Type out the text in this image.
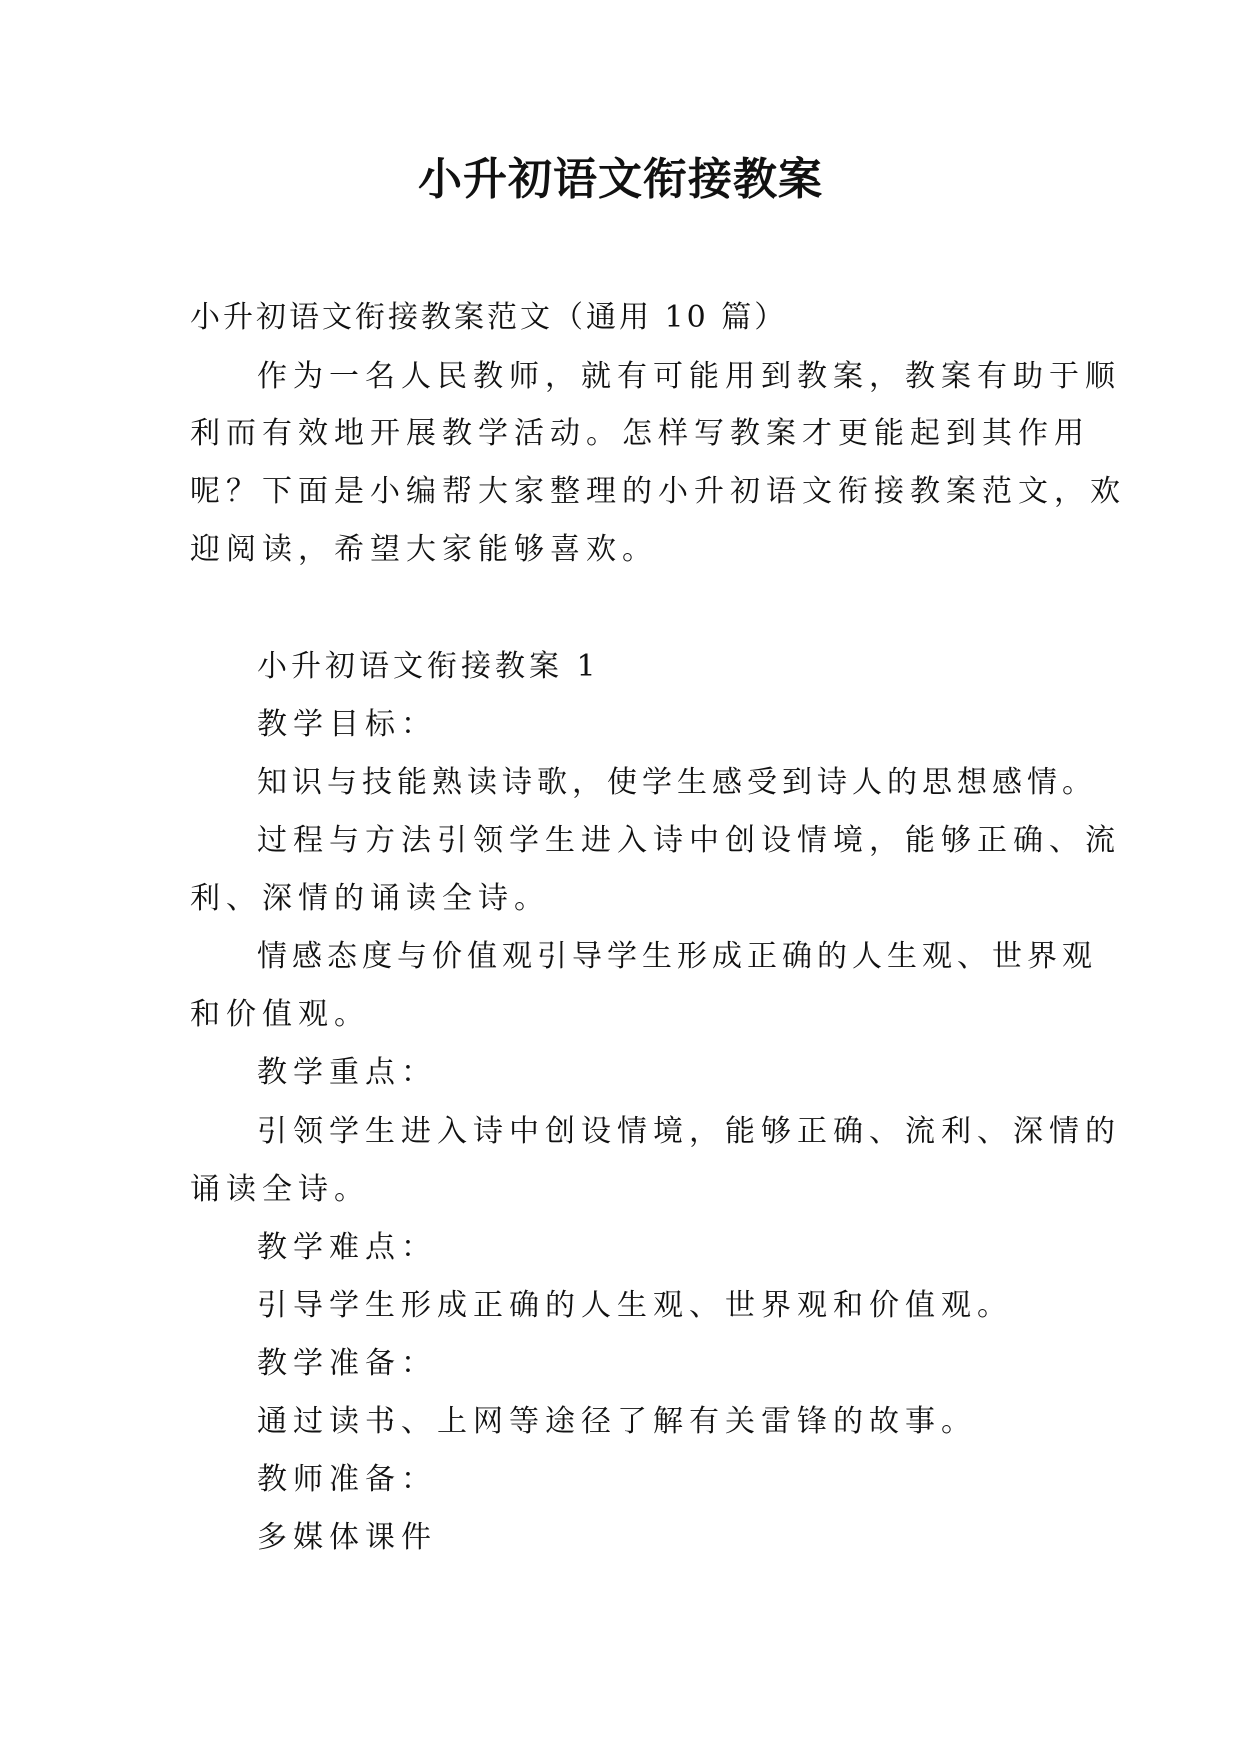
小升初语文衔接教案
小升初语文衔接教案范文（通用 10 篇）
作为一名人民教师，就有可能用到教案，教案有助于顺
利而有效地开展教学活动。怎样写教案才更能起到其作用
呢？下面是小编帮大家整理的小升初语文衔接教案范文，欢
迎阅读，希望大家能够喜欢。
小升初语文衔接教案 1
教学目标：
知识与技能熟读诗歌，使学生感受到诗人的思想感情。
过程与方法引领学生进入诗中创设情境，能够正确、流
利、深情的诵读全诗。
情感态度与价值观引导学生形成正确的人生观、世界观
和价值观。
教学重点：
引领学生进入诗中创设情境，能够正确、流利、深情的
诵读全诗。
教学难点：
引导学生形成正确的人生观、世界观和价值观。
教学准备：
通过读书、上网等途径了解有关雷锋的故事。
教师准备：
多媒体课件
